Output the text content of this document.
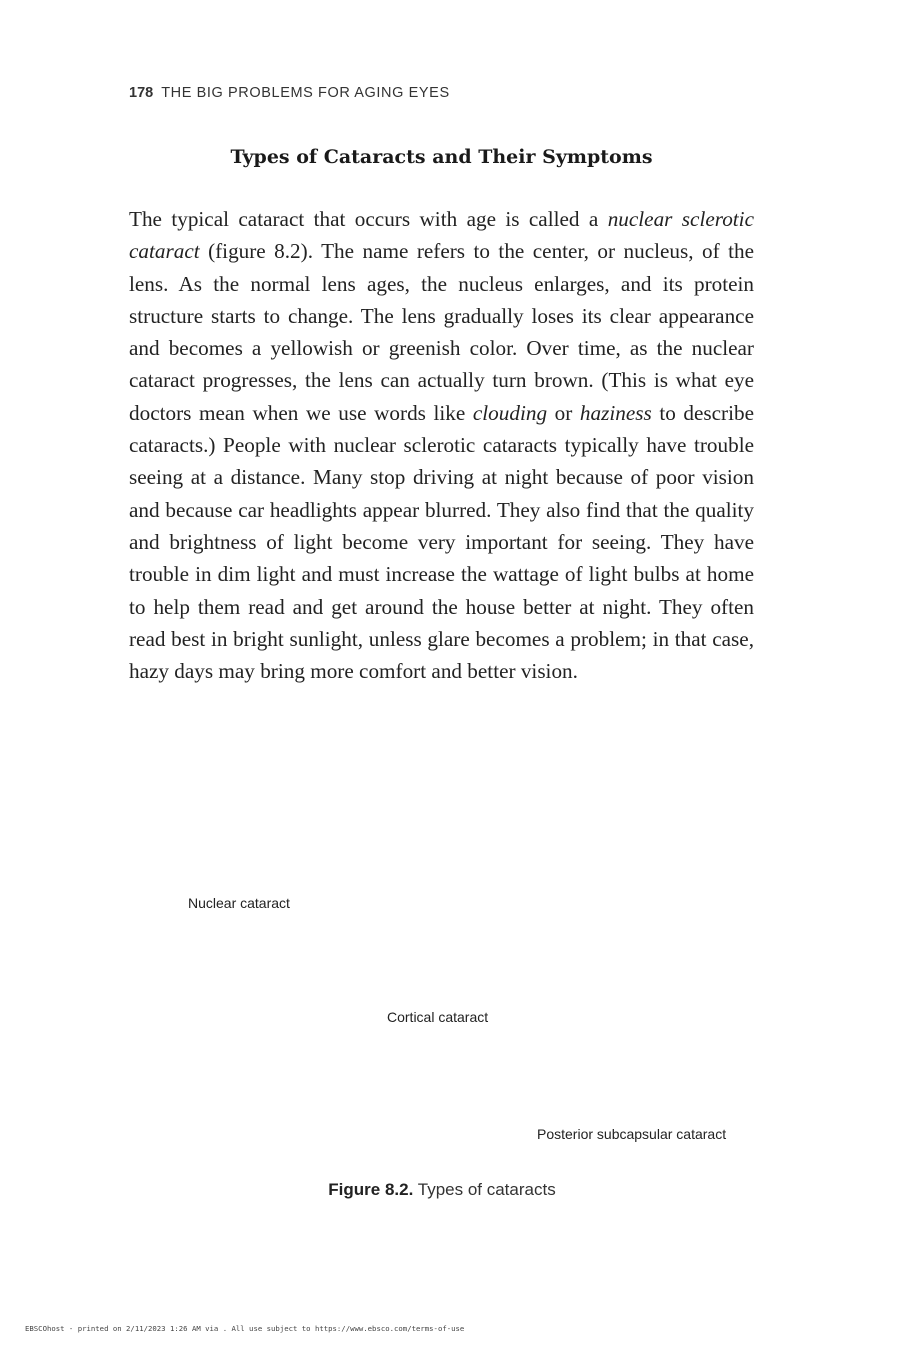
178 THE BIG PROBLEMS FOR AGING EYES
Types of Cataracts and Their Symptoms

The typical cataract that occurs with age is called a nuclear sclerotic cataract (figure 8.2). The name refers to the center, or nucleus, of the lens. As the normal lens ages, the nucleus enlarges, and its protein structure starts to change. The lens gradually loses its clear appearance and becomes a yellowish or greenish color. Over time, as the nuclear cataract progresses, the lens can actually turn brown. (This is what eye doctors mean when we use words like clouding or haziness to describe cataracts.) People with nuclear sclerotic cataracts typically have trouble seeing at a distance. Many stop driving at night because of poor vision and because car headlights appear blurred. They also find that the quality and brightness of light become very important for seeing. They have trouble in dim light and must increase the wattage of light bulbs at home to help them read and get around the house better at night. They often read best in bright sunlight, unless glare becomes a problem; in that case, hazy days may bring more comfort and better vision.

Nuclear cataract
Cortical cataract
Posterior subcapsular cataract
Figure 8.2. Types of cataracts
EBSCOhost - printed on 2/11/2023 1:26 AM via . All use subject to https://www.ebsco.com/terms-of-use
